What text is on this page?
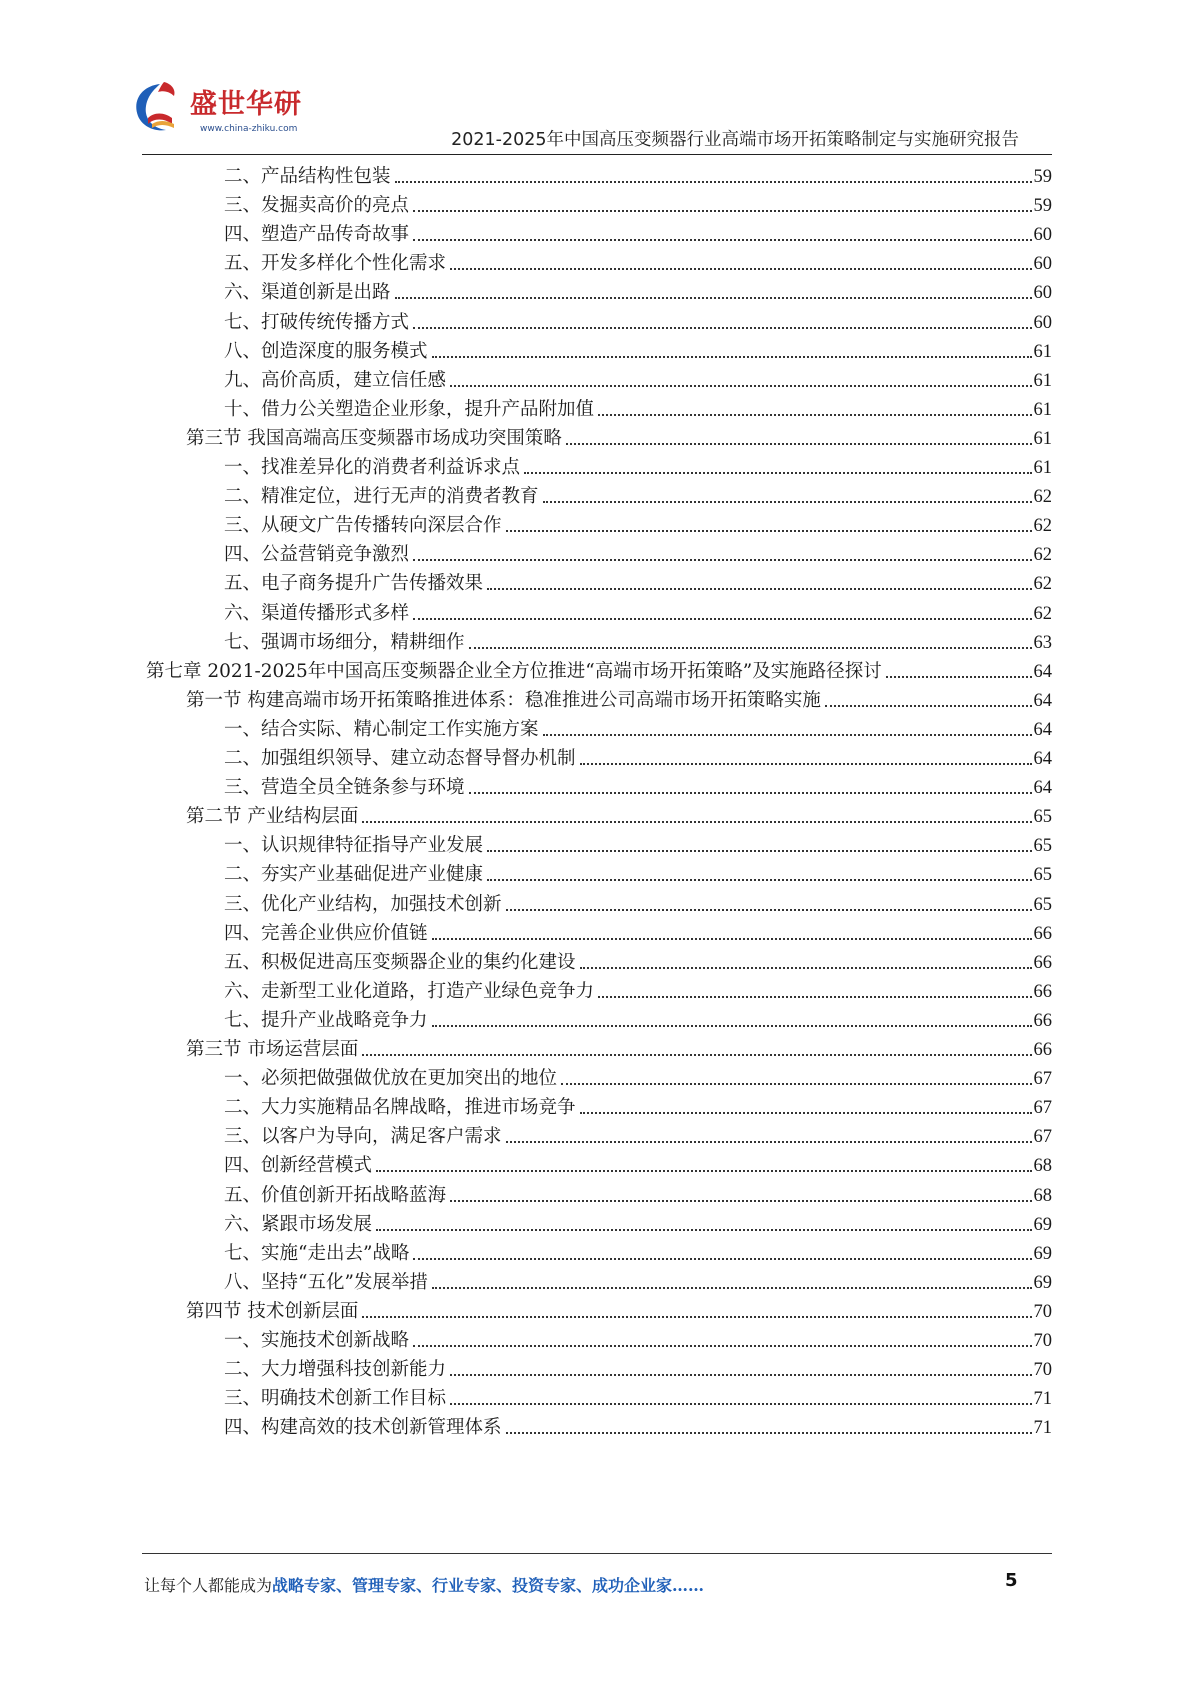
盛世华研
www.china-zhiku.com
2021-2025年中国高压变频器行业高端市场开拓策略制定与实施研究报告
二、产品结构性包装	59
三、发掘卖高价的亮点	59
四、塑造产品传奇故事	60
五、开发多样化个性化需求	60
六、渠道创新是出路	60
七、打破传统传播方式	60
八、创造深度的服务模式	61
九、高价高质，建立信任感	61
十、借力公关塑造企业形象，提升产品附加值	61
第三节 我国高端高压变频器市场成功突围策略	61
一、找准差异化的消费者利益诉求点	61
二、精准定位，进行无声的消费者教育	62
三、从硬文广告传播转向深层合作	62
四、公益营销竞争激烈	62
五、电子商务提升广告传播效果	62
六、渠道传播形式多样	62
七、强调市场细分，精耕细作	63
第七章 2021-2025年中国高压变频器企业全方位推进“高端市场开拓策略”及实施路径探讨	64
第一节 构建高端市场开拓策略推进体系：稳准推进公司高端市场开拓策略实施	64
一、结合实际、精心制定工作实施方案	64
二、加强组织领导、建立动态督导督办机制	64
三、营造全员全链条参与环境	64
第二节 产业结构层面	65
一、认识规律特征指导产业发展	65
二、夯实产业基础促进产业健康	65
三、优化产业结构，加强技术创新	65
四、完善企业供应价值链	66
五、积极促进高压变频器企业的集约化建设	66
六、走新型工业化道路，打造产业绿色竞争力	66
七、提升产业战略竞争力	66
第三节 市场运营层面	66
一、必须把做强做优放在更加突出的地位	67
二、大力实施精品名牌战略，推进市场竞争	67
三、以客户为导向，满足客户需求	67
四、创新经营模式	68
五、价值创新开拓战略蓝海	68
六、紧跟市场发展	69
七、实施“走出去”战略	69
八、坚持“五化”发展举措	69
第四节 技术创新层面	70
一、实施技术创新战略	70
二、大力增强科技创新能力	70
三、明确技术创新工作目标	71
四、构建高效的技术创新管理体系	71
让每个人都能成为战略专家、管理专家、行业专家、投资专家、成功企业家……	5
